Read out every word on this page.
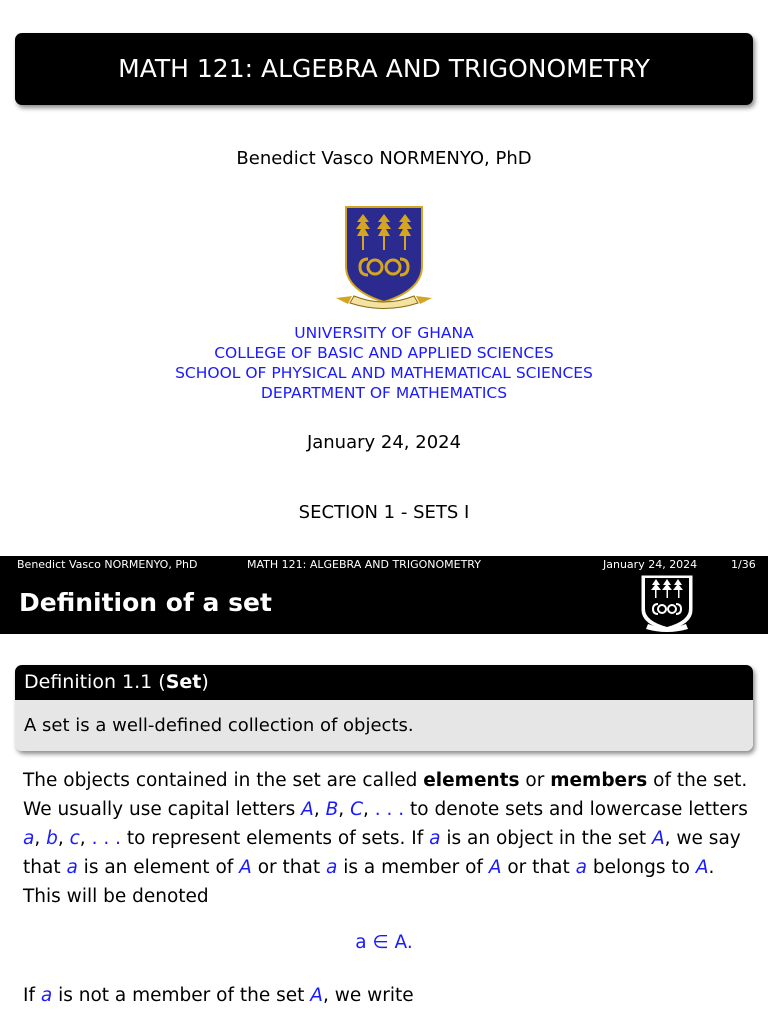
MATH 121: ALGEBRA AND TRIGONOMETRY
Benedict Vasco NORMENYO, PhD
UNIVERSITY OF GHANA
COLLEGE OF BASIC AND APPLIED SCIENCES
SCHOOL OF PHYSICAL AND MATHEMATICAL SCIENCES
DEPARTMENT OF MATHEMATICS
January 24, 2024
SECTION 1 - SETS I
Benedict Vasco NORMENYO, PhD	MATH 121: ALGEBRA AND TRIGONOMETRY	January 24, 2024	1/36
Definition of a set
Definition 1.1 (Set)
A set is a well-defined collection of objects.
The objects contained in the set are called elements or members of the set. We usually use capital letters A, B, C, . . . to denote sets and lowercase letters a, b, c, . . . to represent elements of sets. If a is an object in the set A, we say that a is an element of A or that a is a member of A or that a belongs to A. This will be denoted
a ∈ A.
If a is not a member of the set A, we write
